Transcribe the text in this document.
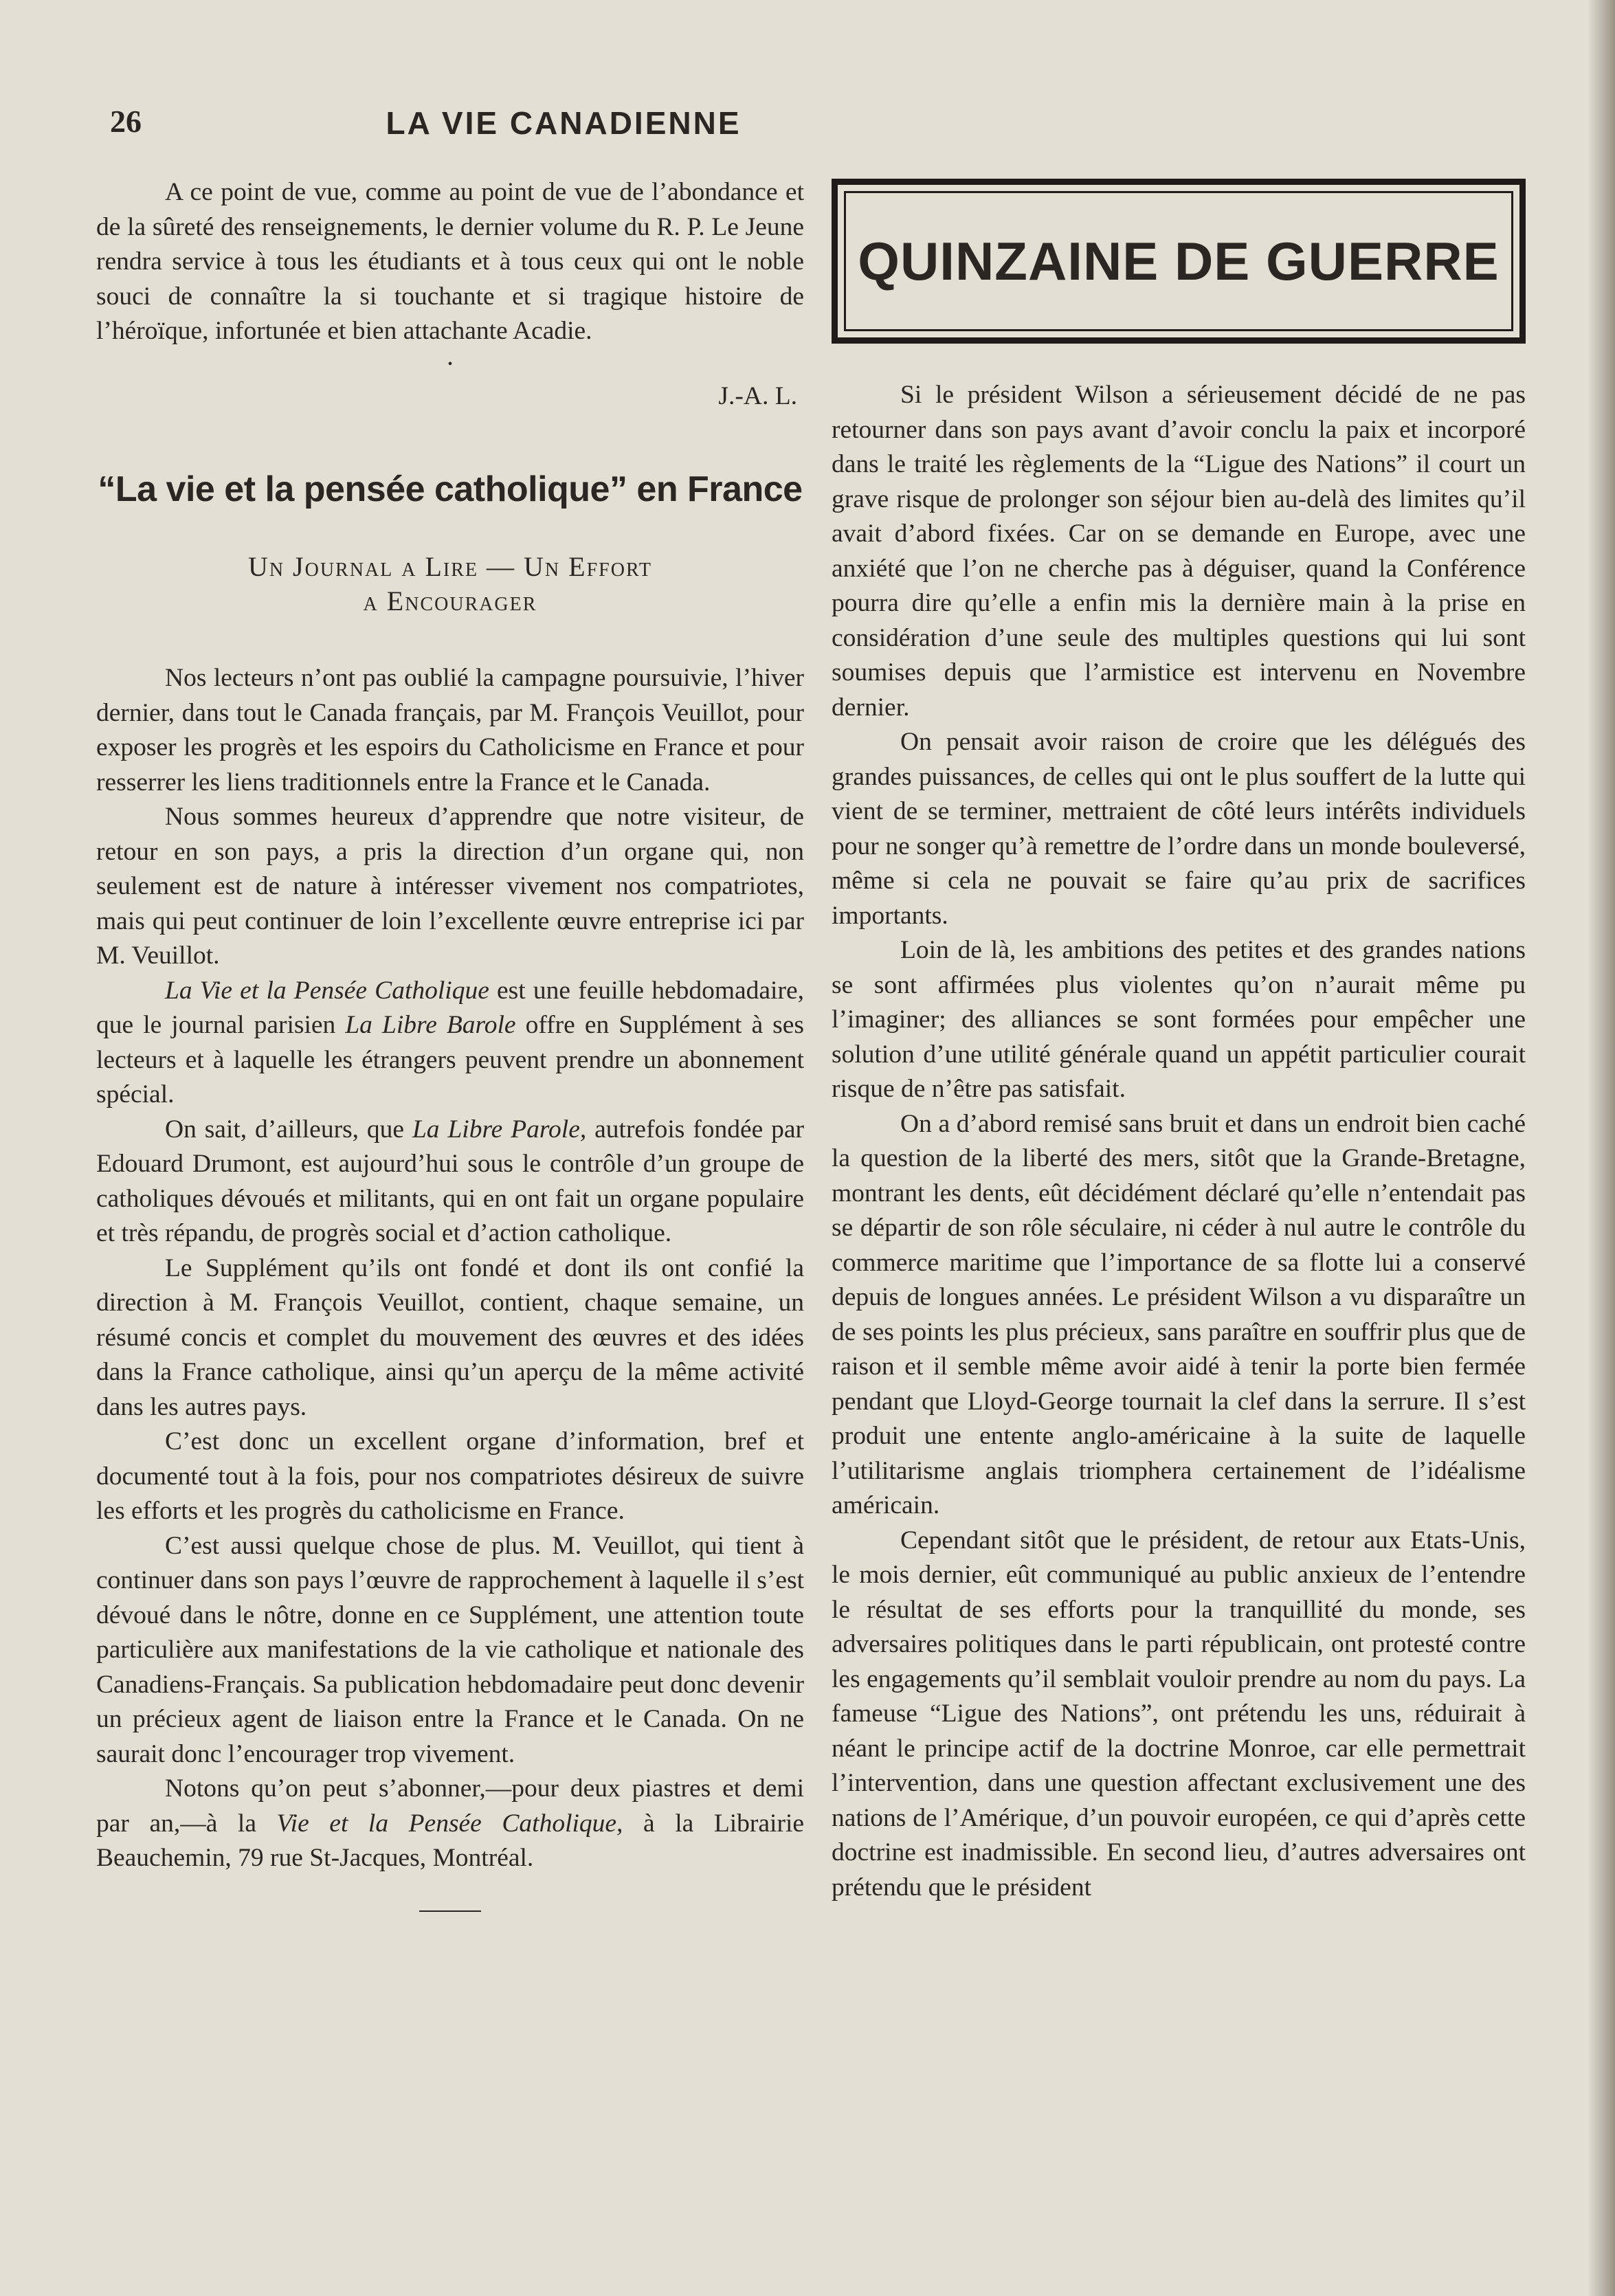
26	LA VIE CANADIENNE

A ce point de vue, comme au point de vue de l’abondance et de la sûreté des renseignements, le dernier volume du R. P. Le Jeune rendra service à tous les étudiants et à tous ceux qui ont le noble souci de connaître la si touchante et si tragique histoire de l’héroïque, infortunée et bien attachante Acadie.

•

J.-A. L.

“La vie et la pensée catholique” en France
Un Journal a Lire — Un Effort
a Encourager

Nos lecteurs n’ont pas oublié la campagne poursuivie, l’hiver dernier, dans tout le Canada français, par M. François Veuillot, pour exposer les progrès et les espoirs du Catholicisme en France et pour resserrer les liens traditionnels entre la France et le Canada.

Nous sommes heureux d’apprendre que notre visiteur, de retour en son pays, a pris la direction d’un organe qui, non seulement est de nature à intéresser vivement nos compatriotes, mais qui peut continuer de loin l’excellente œuvre entreprise ici par M. Veuillot.

La Vie et la Pensée Catholique est une feuille hebdomadaire, que le journal parisien La Libre Barole offre en Supplément à ses lecteurs et à laquelle les étrangers peuvent prendre un abonnement spécial.

On sait, d’ailleurs, que La Libre Parole, autrefois fondée par Edouard Drumont, est aujourd’hui sous le contrôle d’un groupe de catholiques dévoués et militants, qui en ont fait un organe populaire et très répandu, de progrès social et d’action catholique.

Le Supplément qu’ils ont fondé et dont ils ont confié la direction à M. François Veuillot, contient, chaque semaine, un résumé concis et complet du mouvement des œuvres et des idées dans la France catholique, ainsi qu’un aperçu de la même activité dans les autres pays.

C’est donc un excellent organe d’information, bref et documenté tout à la fois, pour nos compatriotes désireux de suivre les efforts et les progrès du catholicisme en France.

C’est aussi quelque chose de plus. M. Veuillot, qui tient à continuer dans son pays l’œuvre de rapprochement à laquelle il s’est dévoué dans le nôtre, donne en ce Supplément, une attention toute particulière aux manifestations de la vie catholique et nationale des Canadiens-Français. Sa publication hebdomadaire peut donc devenir un précieux agent de liaison entre la France et le Canada. On ne saurait donc l’encourager trop vivement.

Notons qu’on peut s’abonner,—pour deux piastres et demi par an,—à la Vie et la Pensée Catholique, à la Librairie Beauchemin, 79 rue St-Jacques, Montréal.

QUINZAINE DE GUERRE

Si le président Wilson a sérieusement décidé de ne pas retourner dans son pays avant d’avoir conclu la paix et incorporé dans le traité les règlements de la “Ligue des Nations” il court un grave risque de prolonger son séjour bien au-delà des limites qu’il avait d’abord fixées. Car on se demande en Europe, avec une anxiété que l’on ne cherche pas à déguiser, quand la Conférence pourra dire qu’elle a enfin mis la dernière main à la prise en considération d’une seule des multiples questions qui lui sont soumises depuis que l’armistice est intervenu en Novembre dernier.

On pensait avoir raison de croire que les délégués des grandes puissances, de celles qui ont le plus souffert de la lutte qui vient de se terminer, mettraient de côté leurs intérêts individuels pour ne songer qu’à remettre de l’ordre dans un monde bouleversé, même si cela ne pouvait se faire qu’au prix de sacrifices importants.

Loin de là, les ambitions des petites et des grandes nations se sont affirmées plus violentes qu’on n’aurait même pu l’imaginer; des alliances se sont formées pour empêcher une solution d’une utilité générale quand un appétit particulier courait risque de n’être pas satisfait.

On a d’abord remisé sans bruit et dans un endroit bien caché la question de la liberté des mers, sitôt que la Grande-Bretagne, montrant les dents, eût décidément déclaré qu’elle n’entendait pas se départir de son rôle séculaire, ni céder à nul autre le contrôle du commerce maritime que l’importance de sa flotte lui a conservé depuis de longues années. Le président Wilson a vu disparaître un de ses points les plus précieux, sans paraître en souffrir plus que de raison et il semble même avoir aidé à tenir la porte bien fermée pendant que Lloyd-George tournait la clef dans la serrure. Il s’est produit une entente anglo-américaine à la suite de laquelle l’utilitarisme anglais triomphera certainement de l’idéalisme américain.

Cependant sitôt que le président, de retour aux Etats-Unis, le mois dernier, eût communiqué au public anxieux de l’entendre le résultat de ses efforts pour la tranquillité du monde, ses adversaires politiques dans le parti républicain, ont protesté contre les engagements qu’il semblait vouloir prendre au nom du pays. La fameuse “Ligue des Nations”, ont prétendu les uns, réduirait à néant le principe actif de la doctrine Monroe, car elle permettrait l’intervention, dans une question affectant exclusivement une des nations de l’Amérique, d’un pouvoir européen, ce qui d’après cette doctrine est inadmissible. En second lieu, d’autres adversaires ont prétendu que le président
